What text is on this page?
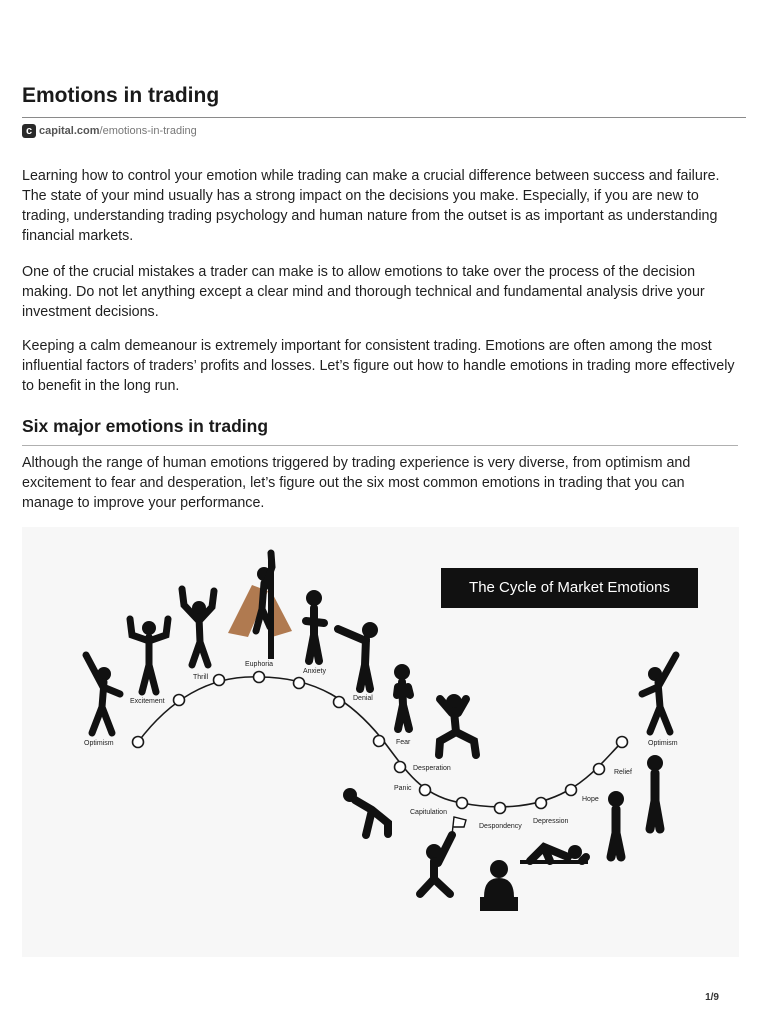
Emotions in trading
c capital.com /emotions-in-trading

Learning how to control your emotion while trading can make a crucial difference between success and failure. The state of your mind usually has a strong impact on the decisions you make. Especially, if you are new to trading, understanding trading psychology and human nature from the outset is as important as understanding financial markets.

One of the crucial mistakes a trader can make is to allow emotions to take over the process of the decision making. Do not let anything except a clear mind and thorough technical and fundamental analysis drive your investment decisions.

Keeping a calm demeanour is extremely important for consistent trading. Emotions are often among the most influential factors of traders’ profits and losses. Let’s figure out how to handle emotions in trading more effectively to benefit in the long run.

Six major emotions in trading

Although the range of human emotions triggered by trading experience is very diverse, from optimism and excitement to fear and desperation, let’s figure out the six most common emotions in trading that you can manage to improve your performance.

Optimism
Excitement
Thrill
Euphoria
Anxiety
Denial
Fear
Desperation
Panic
Capitulation
Despondency
Depression
Hope
Relief
Optimism
The Cycle of Market Emotions
1/9
